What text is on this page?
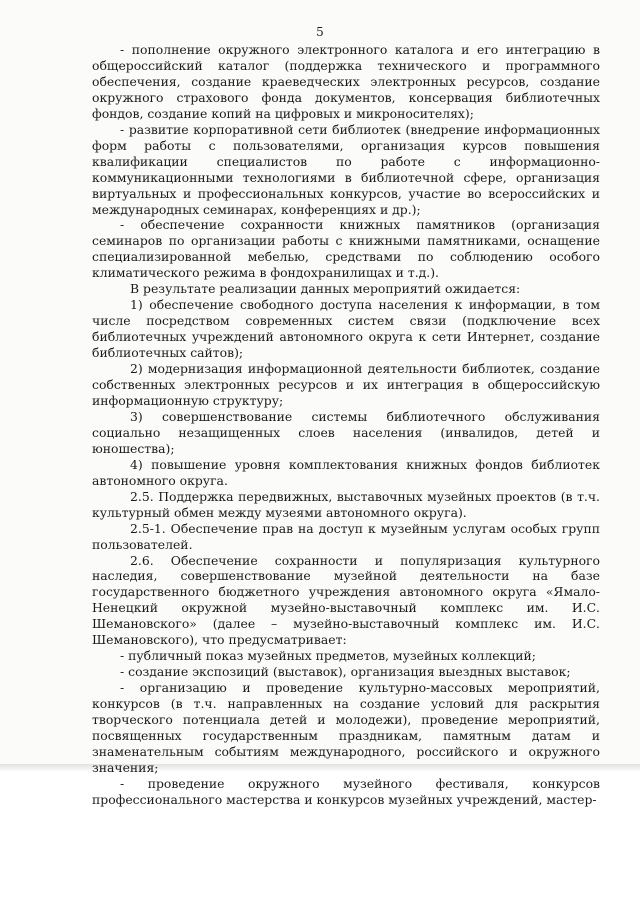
5

- пополнение окружного электронного каталога и его интеграцию в общероссийский каталог (поддержка технического и программного обеспечения, создание краеведческих электронных ресурсов, создание окружного страхового фонда документов, консервация библиотечных фондов, создание копий на цифровых и микроносителях);

- развитие корпоративной сети библиотек (внедрение информационных форм работы с пользователями, организация курсов повышения квалификации специалистов по работе с информационно-коммуникационными технологиями в библиотечной сфере, организация виртуальных и профессиональных конкурсов, участие во всероссийских и международных семинарах, конференциях и др.);

- обеспечение сохранности книжных памятников (организация семинаров по организации работы с книжными памятниками, оснащение специализированной мебелью, средствами по соблюдению особого климатического режима в фондохранилищах и т.д.).

В результате реализации данных мероприятий ожидается:

1) обеспечение свободного доступа населения к информации, в том числе посредством современных систем связи (подключение всех библиотечных учреждений автономного округа к сети Интернет, создание библиотечных сайтов);

2) модернизация информационной деятельности библиотек, создание собственных электронных ресурсов и их интеграция в общероссийскую информационную структуру;

3) совершенствование системы библиотечного обслуживания социально незащищенных слоев населения (инвалидов, детей и юношества);

4) повышение уровня комплектования книжных фондов библиотек автономного округа.

2.5. Поддержка передвижных, выставочных музейных проектов (в т.ч. культурный обмен между музеями автономного округа).

2.5-1. Обеспечение прав на доступ к музейным услугам особых групп пользователей.

2.6. Обеспечение сохранности и популяризация культурного наследия, совершенствование музейной деятельности на базе государственного бюджетного учреждения автономного округа «Ямало-Ненецкий окружной музейно-выставочный комплекс им. И.С. Шемановского» (далее – музейно-выставочный комплекс им. И.С. Шемановского), что предусматривает:

- публичный показ музейных предметов, музейных коллекций;

- создание экспозиций (выставок), организация выездных выставок;

- организацию и проведение культурно-массовых мероприятий, конкурсов (в т.ч. направленных на создание условий для раскрытия творческого потенциала детей и молодежи), проведение мероприятий, посвященных государственным праздникам, памятным датам и знаменательным событиям международного, российского и окружного значения;

- проведение окружного музейного фестиваля, конкурсов профессионального мастерства и конкурсов музейных учреждений, мастер-
